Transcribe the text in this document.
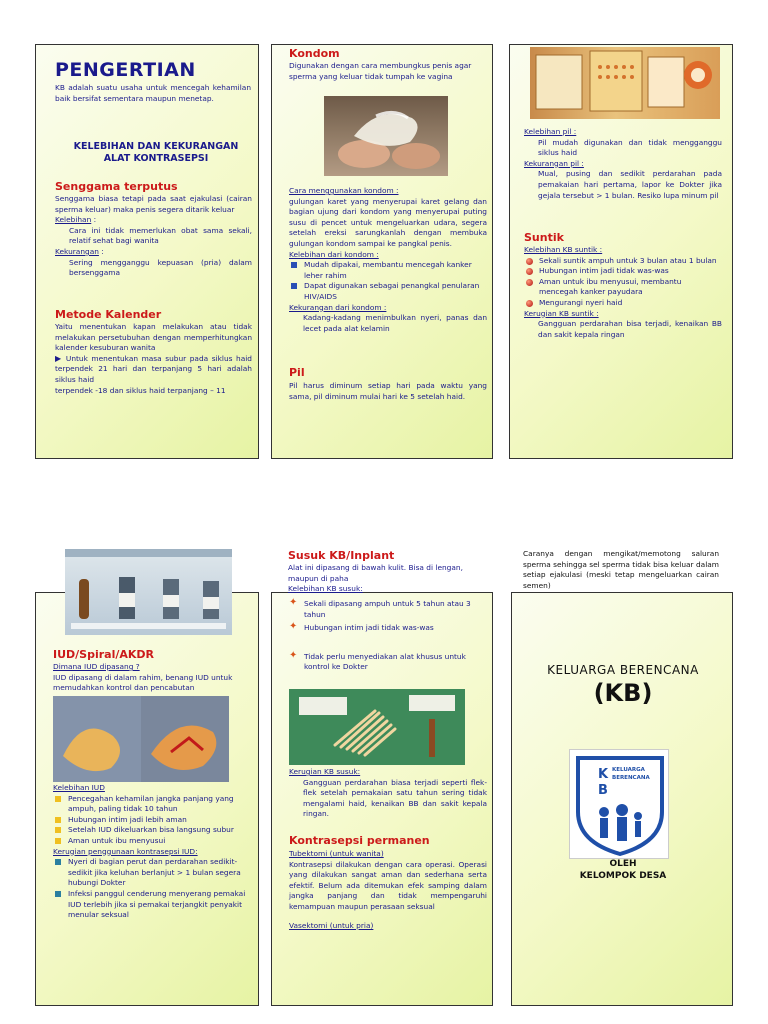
PENGERTIAN
KB adalah suatu usaha untuk mencegah kehamilan baik bersifat sementara maupun menetap.
KELEBIHAN DAN KEKURANGAN ALAT KONTRASEPSI
Senggama terputus
Senggama biasa tetapi pada saat ejakulasi (cairan sperma keluar) maka penis segera ditarik keluar
Kelebihan :
Cara ini tidak memerlukan obat sama sekali, relatif sehat bagi wanita
Kekurangan :
Sering mengganggu kepuasan (pria) dalam bersenggama
Metode Kalender
Yaitu menentukan kapan melakukan atau tidak melakukan persetubuhan dengan memperhitungkan kalender kesuburan wanita
▶ Untuk menentukan masa subur pada siklus haid terpendek 21 hari dan terpanjang 5 hari adalah siklus haid
terpendek -18 dan siklus haid terpanjang – 11
Kondom
Digunakan dengan cara membungkus penis agar sperma yang keluar tidak tumpah ke vagina
Cara menggunakan kondom :
gulungan karet yang menyerupai karet gelang dan bagian ujung dari kondom yang menyerupai puting susu di pencet untuk mengeluarkan udara, segera setelah ereksi sarungkanlah dengan membuka gulungan kondom sampai ke pangkal penis.
Kelebihan dari kondom :
Mudah dipakai, membantu mencegah kanker leher rahim
Dapat digunakan sebagai penangkal penularan HIV/AIDS
Kekurangan dari kondom :
Kadang-kadang menimbulkan nyeri, panas dan lecet pada alat kelamin
Pil
Pil harus diminum setiap hari pada waktu yang sama, pil diminum mulai hari ke 5 setelah haid.
Kelebihan pil :
Pil mudah digunakan dan tidak mengganggu siklus haid
Kekurangan pil :
Mual, pusing dan sedikit perdarahan pada pemakaian hari pertama, lapor ke Dokter jika gejala tersebut > 1 bulan. Resiko lupa minum pil
Suntik
Kelebihan KB suntik :
Sekali suntik ampuh untuk 3 bulan atau 1 bulan
Hubungan intim jadi tidak was-was
Aman untuk ibu menyusui, membantu mencegah kanker payudara
Mengurangi nyeri haid
Kerugian KB suntik :
Gangguan perdarahan bisa terjadi, kenaikan BB dan sakit kepala ringan
IUD/Spiral/AKDR
Dimana IUD dipasang ?
IUD dipasang di dalam rahim, benang IUD untuk memudahkan kontrol dan pencabutan
Kelebihan IUD
Pencegahan kehamilan jangka panjang yang ampuh, paling tidak 10 tahun
Hubungan intim jadi lebih aman
Setelah IUD dikeluarkan bisa langsung subur
Aman untuk ibu menyusui
Kerugian penggunaan kontrasepsi IUD:
Nyeri di bagian perut dan perdarahan sedikit-sedikit jika keluhan berlanjut > 1 bulan segera hubungi Dokter
Infeksi panggul cenderung menyerang pemakai IUD terlebih jika si pemakai terjangkit penyakit menular seksual
Susuk KB/Inplant
Alat ini dipasang di bawah kulit. Bisa di lengan, maupun di paha
Kelebihan KB susuk:
✦ Sekali dipasang ampuh untuk 5 tahun atau 3 tahun
✦ Hubungan intim jadi tidak was-was
✦ Tidak perlu menyediakan alat khusus untuk kontrol ke Dokter
Kerugian KB susuk:
Gangguan perdarahan biasa terjadi seperti flek-flek setelah pemakaian satu tahun sering tidak mengalami haid, kenaikan BB dan sakit kepala ringan.
Kontrasepsi permanen
Tubektomi (untuk wanita)
Kontrasepsi dilakukan dengan cara operasi. Operasi yang dilakukan sangat aman dan sederhana serta efektif. Belum ada ditemukan efek samping dalam jangka panjang dan tidak mempengaruhi kemampuan maupun perasaan seksual
Vasektomi (untuk pria)
Caranya dengan mengikat/memotong saluran sperma sehingga sel sperma tidak bisa keluar dalam setiap ejakulasi (meski tetap mengeluarkan cairan semen)
KELUARGA BERENCANA
(KB)
K
B
KELUARGA BERENCANA
OLEH
KELOMPOK DESA
